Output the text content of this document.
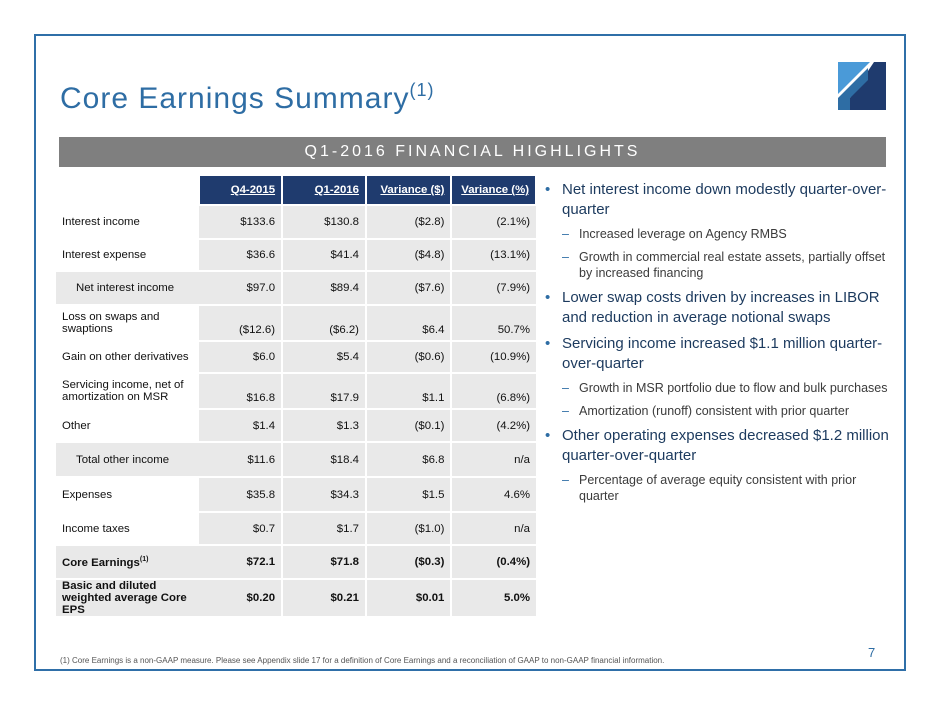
Core Earnings Summary$^{(1)}$
Q1-2016 FINANCIAL HIGHLIGHTS
(Dollars in millions)	Q4-2015	Q1-2016	Variance ($)	Variance (%)
Interest income	$133.6	$130.8	($2.8)	(2.1%)
Interest expense	$36.6	$41.4	($4.8)	(13.1%)
Net interest income	$97.0	$89.4	($7.6)	(7.9%)
Loss on swaps and swaptions	($12.6)	($6.2)	$6.4	50.7%
Gain on other derivatives	$6.0	$5.4	($0.6)	(10.9%)
Servicing income, net of amortization on MSR	$16.8	$17.9	$1.1	(6.8%)
Other	$1.4	$1.3	($0.1)	(4.2%)
Total other income	$11.6	$18.4	$6.8	n/a
Expenses	$35.8	$34.3	$1.5	4.6%
Income taxes	$0.7	$1.7	($1.0)	n/a
Core Earnings$^{(1)}$	$72.1	$71.8	($0.3)	(0.4%)
Basic and diluted weighted average Core EPS	$0.20	$0.21	$0.01	5.0%
• Net interest income down modestly quarter-over-quarter
– Increased leverage on Agency RMBS
– Growth in commercial real estate assets, partially offset by increased financing
• Lower swap costs driven by increases in LIBOR and reduction in average notional swaps
• Servicing income increased $1.1 million quarter-over-quarter
– Growth in MSR portfolio due to flow and bulk purchases
– Amortization (runoff) consistent with prior quarter
• Other operating expenses decreased $1.2 million quarter-over-quarter
– Percentage of average equity consistent with prior quarter
(1) Core Earnings is a non-GAAP measure. Please see Appendix slide 17 for a definition of Core Earnings and a reconciliation of GAAP to non-GAAP financial information.
7
